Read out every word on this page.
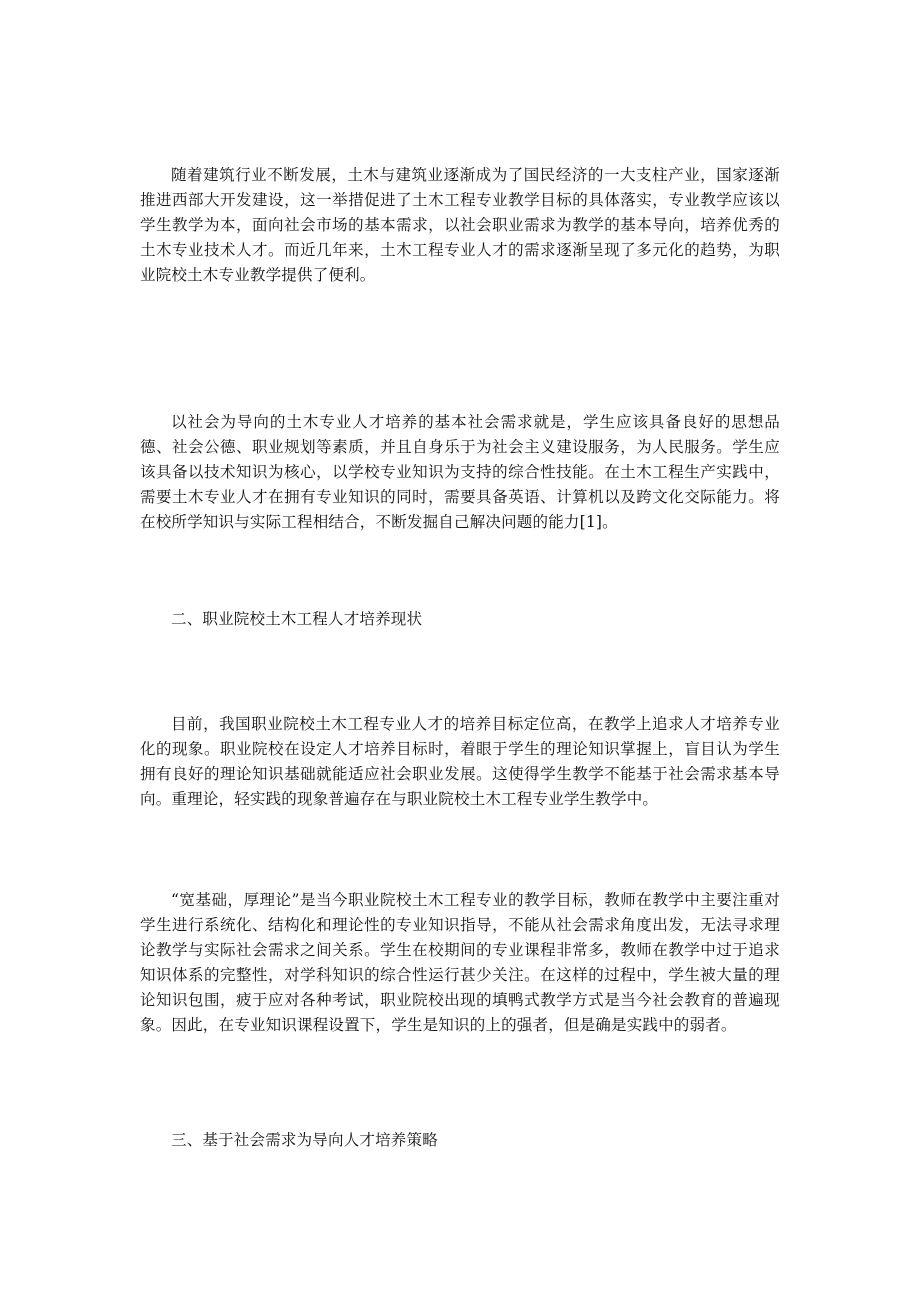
随着建筑行业不断发展，土木与建筑业逐渐成为了国民经济的一大支柱产业，国家逐渐推进西部大开发建设，这一举措促进了土木工程专业教学目标的具体落实，专业教学应该以学生教学为本，面向社会市场的基本需求，以社会职业需求为教学的基本导向，培养优秀的土木专业技术人才。而近几年来，土木工程专业人才的需求逐渐呈现了多元化的趋势，为职业院校土木专业教学提供了便利。

以社会为导向的土木专业人才培养的基本社会需求就是，学生应该具备良好的思想品德、社会公德、职业规划等素质，并且自身乐于为社会主义建设服务，为人民服务。学生应该具备以技术知识为核心，以学校专业知识为支持的综合性技能。在土木工程生产实践中，需要土木专业人才在拥有专业知识的同时，需要具备英语、计算机以及跨文化交际能力。将在校所学知识与实际工程相结合，不断发掘自己解决问题的能力[1]。

二、职业院校土木工程人才培养现状

目前，我国职业院校土木工程专业人才的培养目标定位高，在教学上追求人才培养专业化的现象。职业院校在设定人才培养目标时，着眼于学生的理论知识掌握上，盲目认为学生拥有良好的理论知识基础就能适应社会职业发展。这使得学生教学不能基于社会需求基本导向。重理论，轻实践的现象普遍存在与职业院校土木工程专业学生教学中。

“宽基础，厚理论”是当今职业院校土木工程专业的教学目标，教师在教学中主要注重对学生进行系统化、结构化和理论性的专业知识指导，不能从社会需求角度出发，无法寻求理论教学与实际社会需求之间关系。学生在校期间的专业课程非常多，教师在教学中过于追求知识体系的完整性，对学科知识的综合性运行甚少关注。在这样的过程中，学生被大量的理论知识包围，疲于应对各种考试，职业院校出现的填鸭式教学方式是当今社会教育的普遍现象。因此，在专业知识课程设置下，学生是知识的上的强者，但是确是实践中的弱者。

三、基于社会需求为导向人才培养策略
